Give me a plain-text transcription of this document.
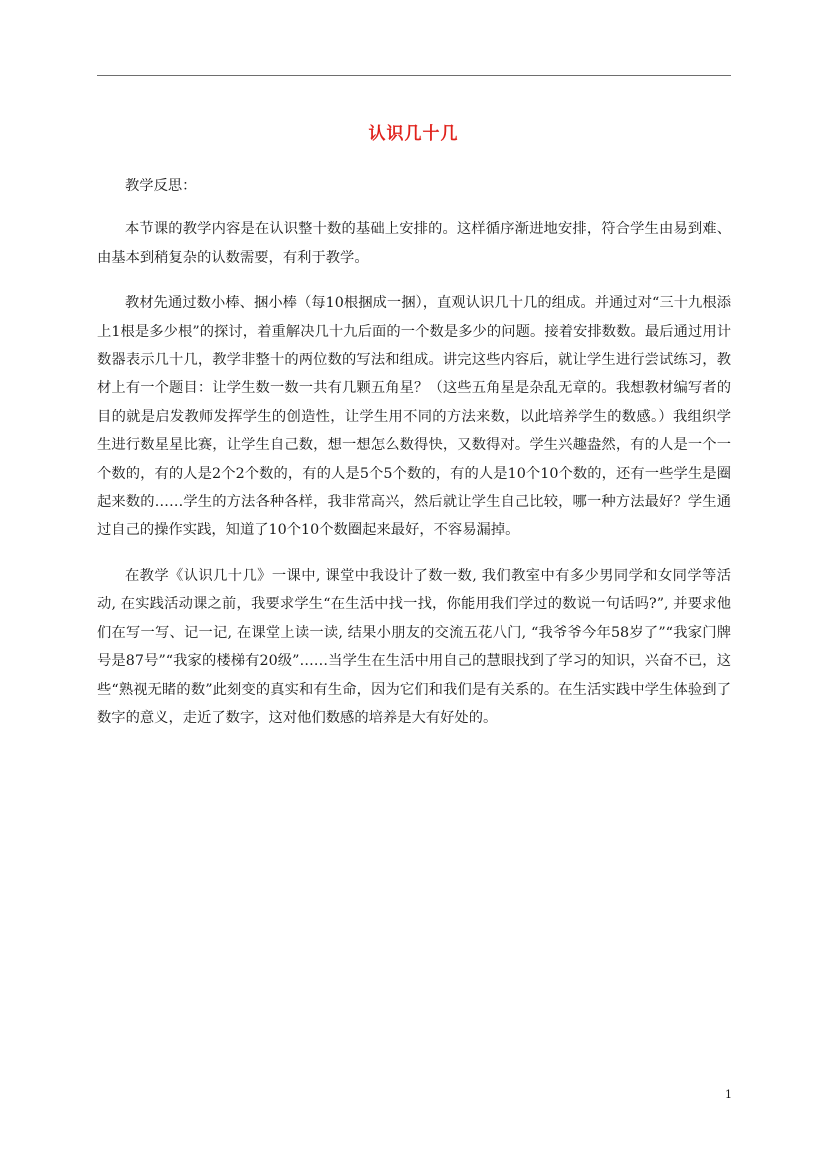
认识几十几

教学反思：

本节课的教学内容是在认识整十数的基础上安排的。这样循序渐进地安排，符合学生由易到难、由基本到稍复杂的认数需要，有利于教学。

教材先通过数小棒、捆小棒（每10根捆成一捆），直观认识几十几的组成。并通过对“三十九根添上1根是多少根”的探讨，着重解决几十九后面的一个数是多少的问题。接着安排数数。最后通过用计数器表示几十几，教学非整十的两位数的写法和组成。讲完这些内容后，就让学生进行尝试练习，教材上有一个题目：让学生数一数一共有几颗五角星？（这些五角星是杂乱无章的。我想教材编写者的目的就是启发教师发挥学生的创造性，让学生用不同的方法来数，以此培养学生的数感。）我组织学生进行数星星比赛，让学生自己数，想一想怎么数得快，又数得对。学生兴趣盎然，有的人是一个一个数的，有的人是2个2个数的，有的人是5个5个数的，有的人是10个10个数的，还有一些学生是圈起来数的……学生的方法各种各样，我非常高兴，然后就让学生自己比较，哪一种方法最好？学生通过自己的操作实践，知道了10个10个数圈起来最好，不容易漏掉。

在教学《认识几十几》一课中, 课堂中我设计了数一数, 我们教室中有多少男同学和女同学等活动, 在实践活动课之前，我要求学生“在生活中找一找，你能用我们学过的数说一句话吗?”, 并要求他们在写一写、记一记, 在课堂上读一读, 结果小朋友的交流五花八门, “我爷爷今年58岁了”“我家门牌号是87号”“我家的楼梯有20级”……当学生在生活中用自己的慧眼找到了学习的知识，兴奋不已，这些“熟视无睹的数”此刻变的真实和有生命，因为它们和我们是有关系的。在生活实践中学生体验到了数字的意义，走近了数字，这对他们数感的培养是大有好处的。

1
